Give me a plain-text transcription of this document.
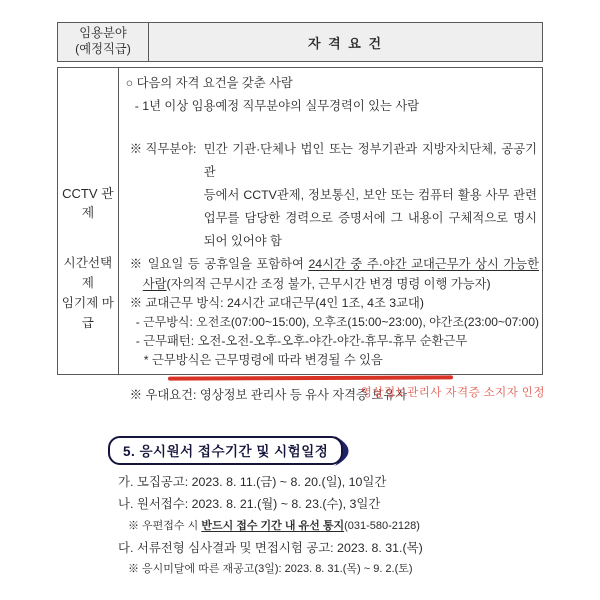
임용분야
(예정직급)	자 격 요 건
CCTV 관제
시간선택제
임기제 마급
○ 다음의 자격 요건을 갖춘 사람
- 1년 이상 임용예정 직무분야의 실무경력이 있는 사람
※ 직무분야: 민간 기관·단체나 법인 또는 정부기관과 지방자치단체, 공공기관
등에서 CCTV관제, 정보통신, 보안 또는 컴퓨터 활용 사무 관련
업무를 담당한 경력으로 증명서에 그 내용이 구체적으로 명시
되어 있어야 함
※ 일요일 등 공휴일을 포함하여 24시간 중 주·야간 교대근무가 상시 가능한
사람(자의적 근무시간 조정 불가, 근무시간 변경 명령 이행 가능자)
※ 교대근무 방식: 24시간 교대근무(4인 1조, 4조 3교대)
- 근무방식: 오전조(07:00~15:00), 오후조(15:00~23:00), 야간조(23:00~07:00)
- 근무패턴: 오전-오전-오후-오후-야간-야간-휴무-휴무 순환근무
* 근무방식은 근무명령에 따라 변경될 수 있음
※ 우대요건: 영상정보 관리사 등 유사 자격증 보유자
영상정보관리사 자격증 소지자 인정
5. 응시원서 접수기간 및 시험일정
가. 모집공고: 2023. 8. 11.(금) ~ 8. 20.(일), 10일간
나. 원서접수: 2023. 8. 21.(월) ~ 8. 23.(수), 3일간
※ 우편접수 시 반드시 접수 기간 내 유선 통지(031-580-2128)
다. 서류전형 심사결과 및 면접시험 공고: 2023. 8. 31.(목)
※ 응시미달에 따른 재공고(3일): 2023. 8. 31.(목) ~ 9. 2.(토)
